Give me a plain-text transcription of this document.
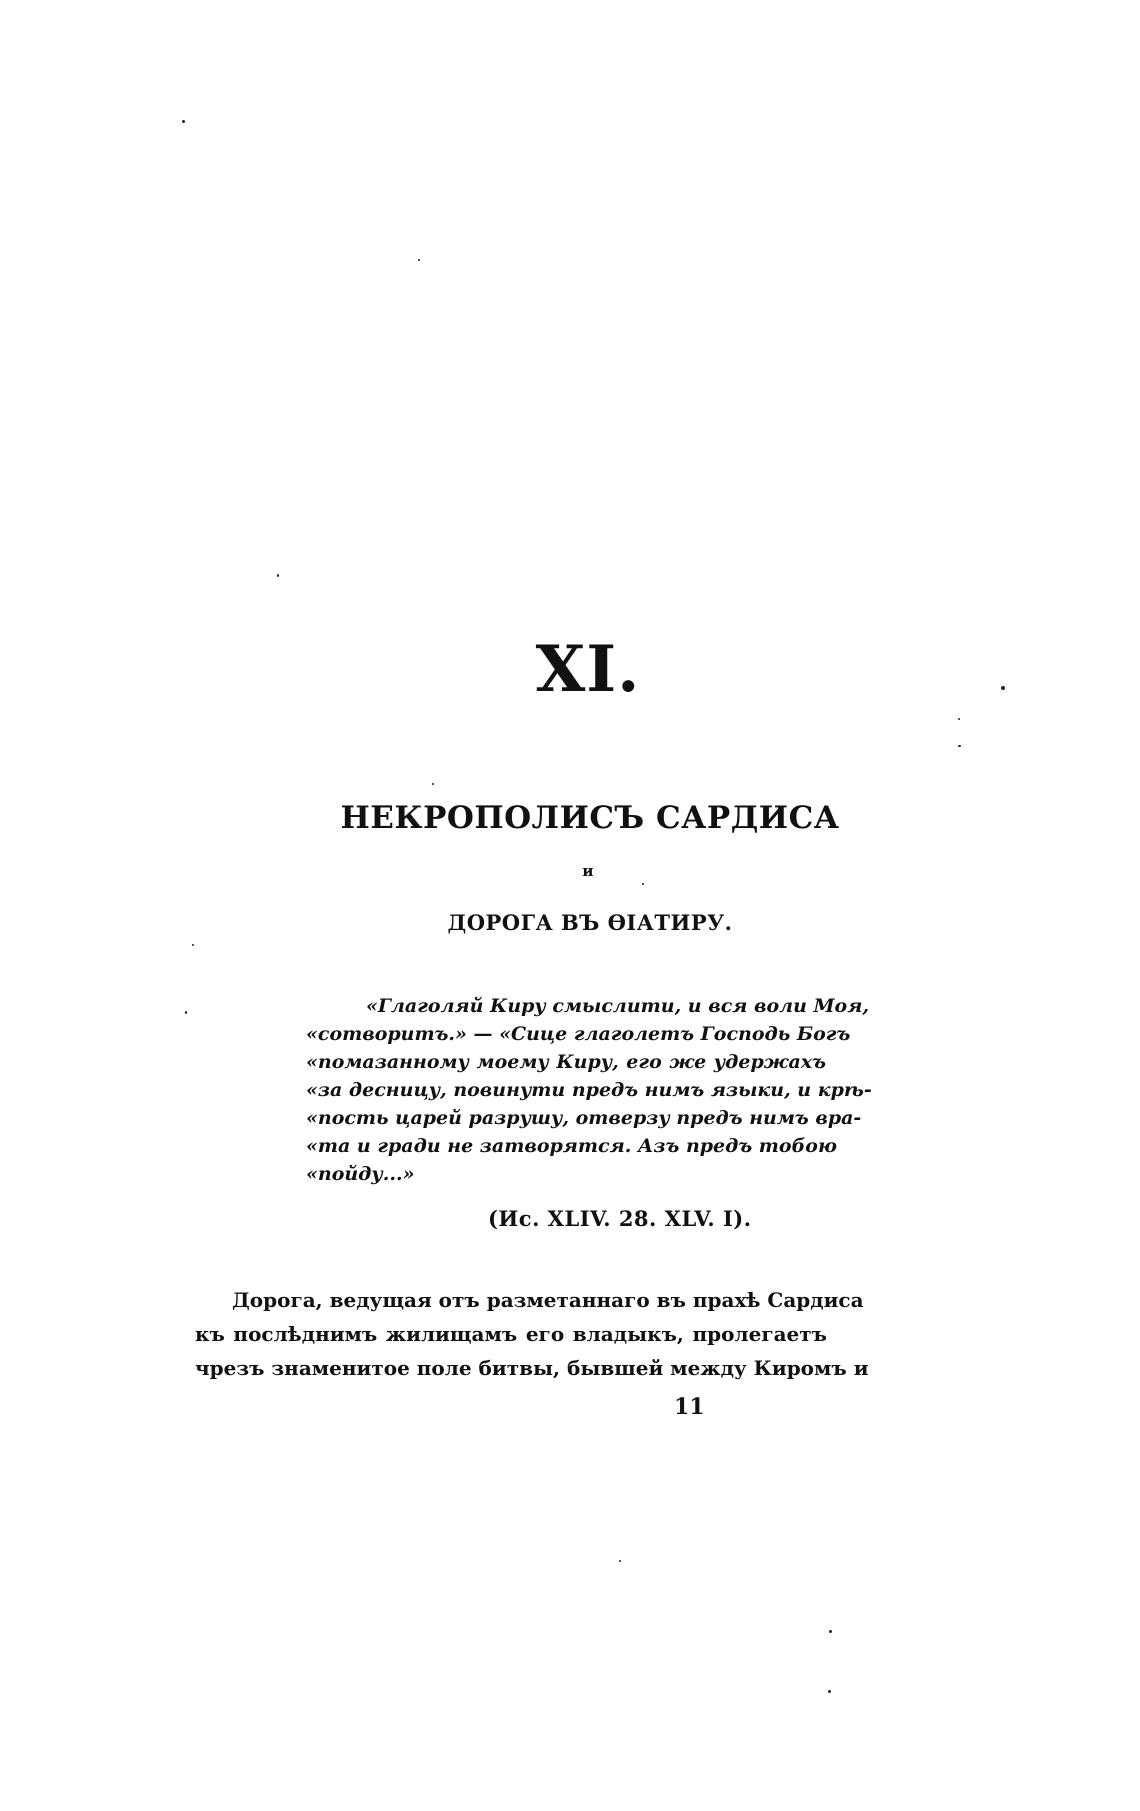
XI.
НЕКРОПОЛИСЪ САРДИСА
и
ДОРОГА ВЪ ѲІАТИРУ.
«Глаголяй Киру смыслити, и вся воли Моя,
«сотворитъ.» — «Сице глаголетъ Господь Богъ
«помазанному моему Киру, его же удержахъ
«за десницу, повинути предъ нимъ языки, и крѣ-
«пость царей разрушу, отверзу предъ нимъ вра-
«та и гради не затворятся. Азъ предъ тобою
«пойду...»
(Ис. XLIV. 28. XLV. I).
Дорога, ведущая отъ разметаннаго въ прахѣ Сардиса
къ послѣднимъ жилищамъ его владыкъ, пролегаетъ
чрезъ знаменитое поле битвы, бывшей между Киромъ и
11
